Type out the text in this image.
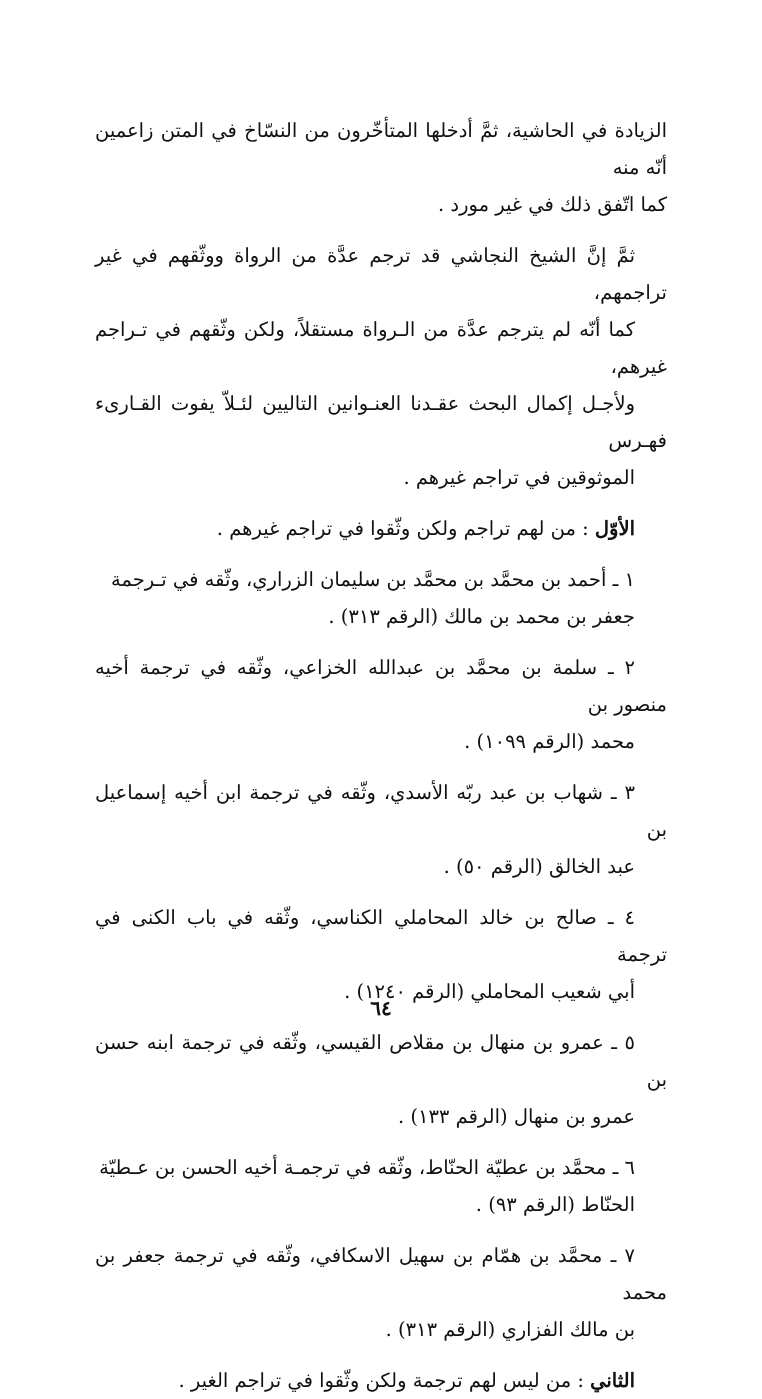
الزيادة في الحاشية، ثمَّ أدخلها المتأخّرون من النسّاخ في المتن زاعمين أنّه منه
كما اتّفق ذلك في غير مورد .

ثمَّ إنَّ الشيخ النجاشي قد ترجم عدَّة من الرواة ووثّقهم في غير تراجمهم،
كما أنّه لم يترجم عدَّة من الـرواة مستقلاً، ولكن وثّقهم في تـراجم غيرهم،
ولأجـل إكمال البحث عقـدنا العنـوانين التاليين لئـلاّ يفوت القـارىء فهـرس
الموثوقين في تراجم غيرهم .

الأوّل : من لهم تراجم ولكن وثّقوا في تراجم غيرهم .

١ ـ أحمد بن محمَّد بن محمَّد بن سليمان الزراري، وثّقه في تـرجمة
جعفر بن محمد بن مالك (الرقم ٣١٣) .

٢ ـ سلمة بن محمَّد بن عبدالله الخزاعي، وثّقه في ترجمة أخيه منصور بن
محمد (الرقم ١٠٩٩) .

٣ ـ شهاب بن عبد ربّه الأسدي، وثّقه في ترجمة ابن أخيه إسماعيل بن
عبد الخالق (الرقم ٥٠) .

٤ ـ صالح بن خالد المحاملي الكناسي، وثّقه في باب الكنى في ترجمة
أبي شعيب المحاملي (الرقم ١٢٤٠) .

٥ ـ عمرو بن منهال بن مقلاص القيسي، وثّقه في ترجمة ابنه حسن بن
عمرو بن منهال (الرقم ١٣٣) .

٦ ـ محمَّد بن عطيّة الحنّاط، وثّقه في ترجمـة أخيه الحسن بن عـطيّة
الحنّاط (الرقم ٩٣) .

٧ ـ محمَّد بن همّام بن سهيل الاسكافي، وثّقه في ترجمة جعفر بن محمد
بن مالك الفزاري (الرقم ٣١٣) .

الثاني : من ليس لهم ترجمة ولكن وثّقوا في تراجم الغير .

٦٤
